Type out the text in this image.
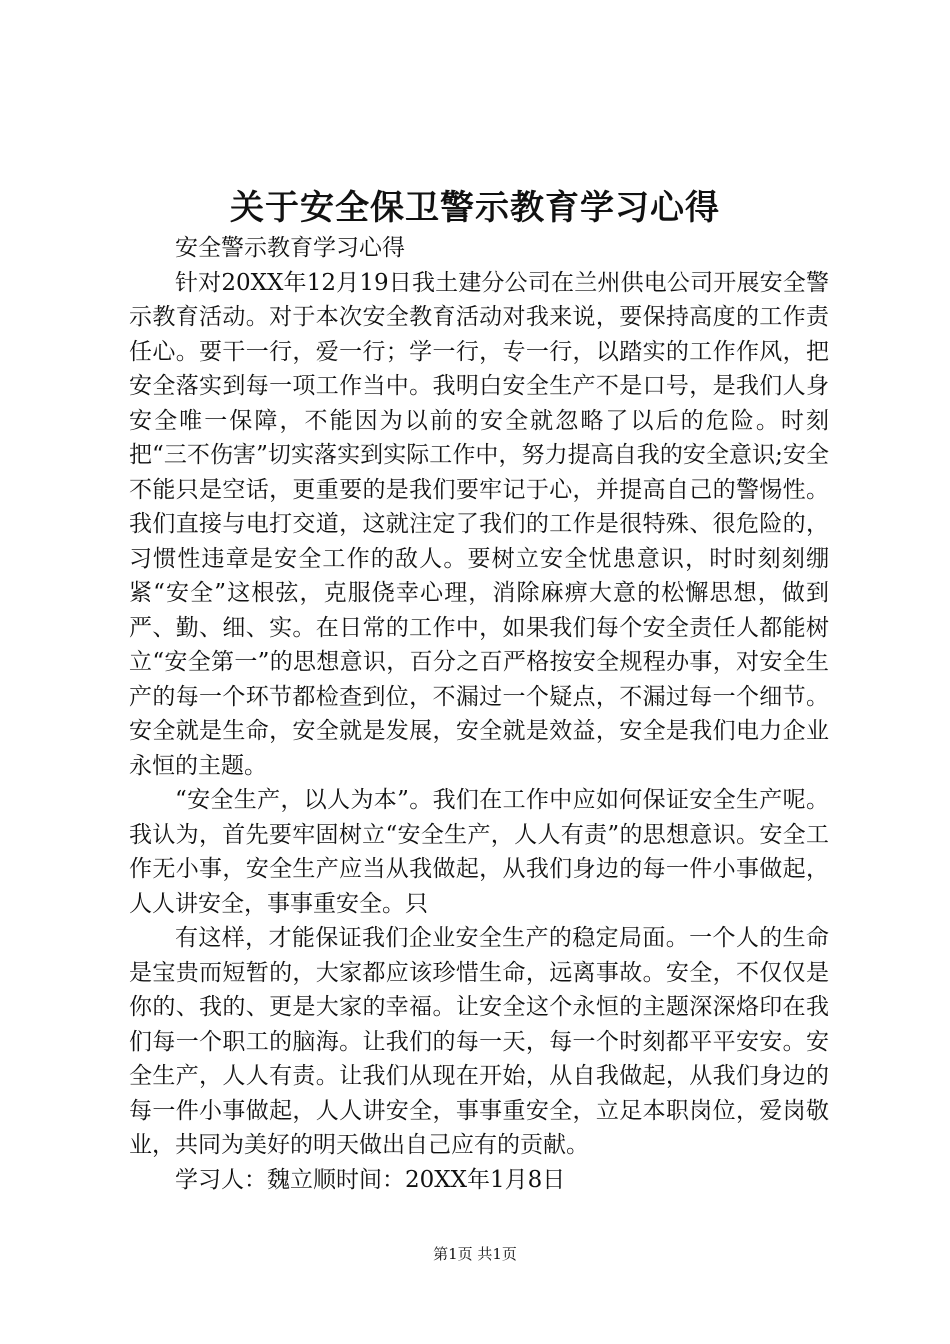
关于安全保卫警示教育学习心得

安全警示教育学习心得

针对20XX年12月19日我土建分公司在兰州供电公司开展安全警示教育活动。对于本次安全教育活动对我来说，要保持高度的工作责任心。要干一行，爱一行；学一行，专一行，以踏实的工作作风，把安全落实到每一项工作当中。我明白安全生产不是口号，是我们人身安全唯一保障，不能因为以前的安全就忽略了以后的危险。时刻把“三不伤害”切实落实到实际工作中，努力提高自我的安全意识;安全不能只是空话，更重要的是我们要牢记于心，并提高自己的警惕性。我们直接与电打交道，这就注定了我们的工作是很特殊、很危险的，习惯性违章是安全工作的敌人。要树立安全忧患意识，时时刻刻绷紧“安全”这根弦，克服侥幸心理，消除麻痹大意的松懈思想，做到严、勤、细、实。在日常的工作中，如果我们每个安全责任人都能树立“安全第一”的思想意识，百分之百严格按安全规程办事，对安全生产的每一个环节都检查到位，不漏过一个疑点，不漏过每一个细节。安全就是生命，安全就是发展，安全就是效益，安全是我们电力企业永恒的主题。

“安全生产，以人为本”。我们在工作中应如何保证安全生产呢。我认为，首先要牢固树立“安全生产，人人有责”的思想意识。安全工作无小事，安全生产应当从我做起，从我们身边的每一件小事做起，人人讲安全，事事重安全。只

有这样，才能保证我们企业安全生产的稳定局面。一个人的生命是宝贵而短暂的，大家都应该珍惜生命，远离事故。安全，不仅仅是你的、我的、更是大家的幸福。让安全这个永恒的主题深深烙印在我们每一个职工的脑海。让我们的每一天，每一个时刻都平平安安。安全生产，人人有责。让我们从现在开始，从自我做起，从我们身边的每一件小事做起，人人讲安全，事事重安全，立足本职岗位，爱岗敬业，共同为美好的明天做出自己应有的贡献。

学习人：魏立顺时间：20XX年1月8日

第1页 共1页
